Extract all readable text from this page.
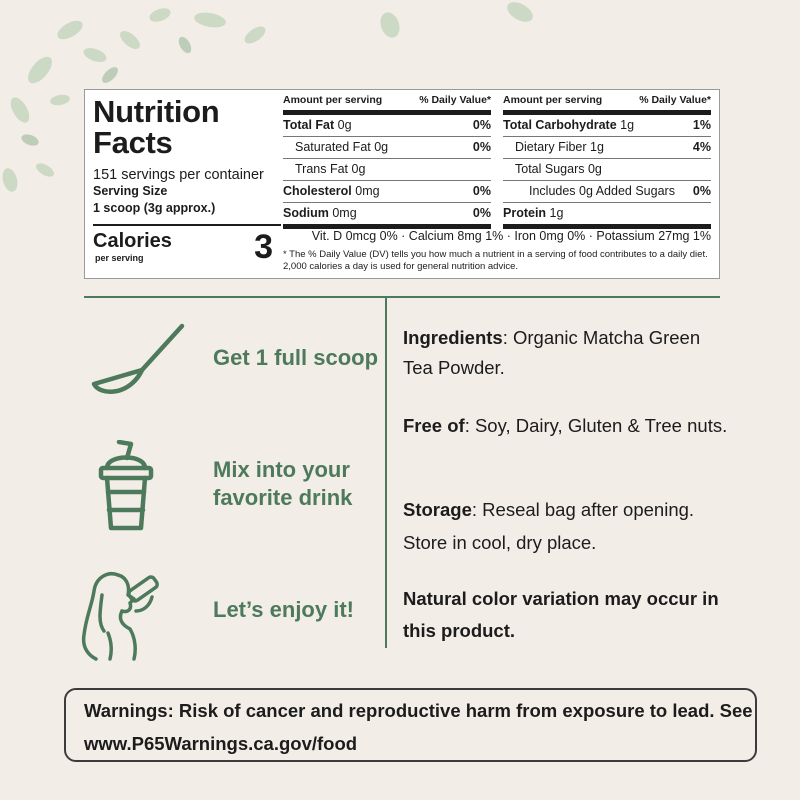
Nutrition
Facts
151 servings per container
Serving Size
1 scoop (3g approx.)
Calories
per serving	3
Amount per serving	% Daily Value*
Total Fat 0g	0%
Saturated Fat 0g	0%
Trans Fat 0g
Cholesterol 0mg	0%
Sodium 0mg	0%
Amount per serving	% Daily Value*
Total Carbohydrate 1g	1%
Dietary Fiber 1g	4%
Total Sugars 0g
Includes 0g Added Sugars 0%
Protein 1g
Vit. D 0mcg 0% · Calcium 8mg 1% · Iron 0mg 0% · Potassium 27mg 1%
* The % Daily Value (DV) tells you how much a nutrient in a serving of food contributes to a daily diet. 2,000 calories a day is used for general nutrition advice.
Get 1 full scoop
Mix into your favorite drink
Let’s enjoy it!
Ingredients: Organic Matcha Green Tea Powder.
Free of: Soy, Dairy, Gluten & Tree nuts.
Storage: Reseal bag after opening. Store in cool, dry place.
Natural color variation may occur in this product.
Warnings: Risk of cancer and reproductive harm from exposure to lead. See www.P65Warnings.ca.gov/food
